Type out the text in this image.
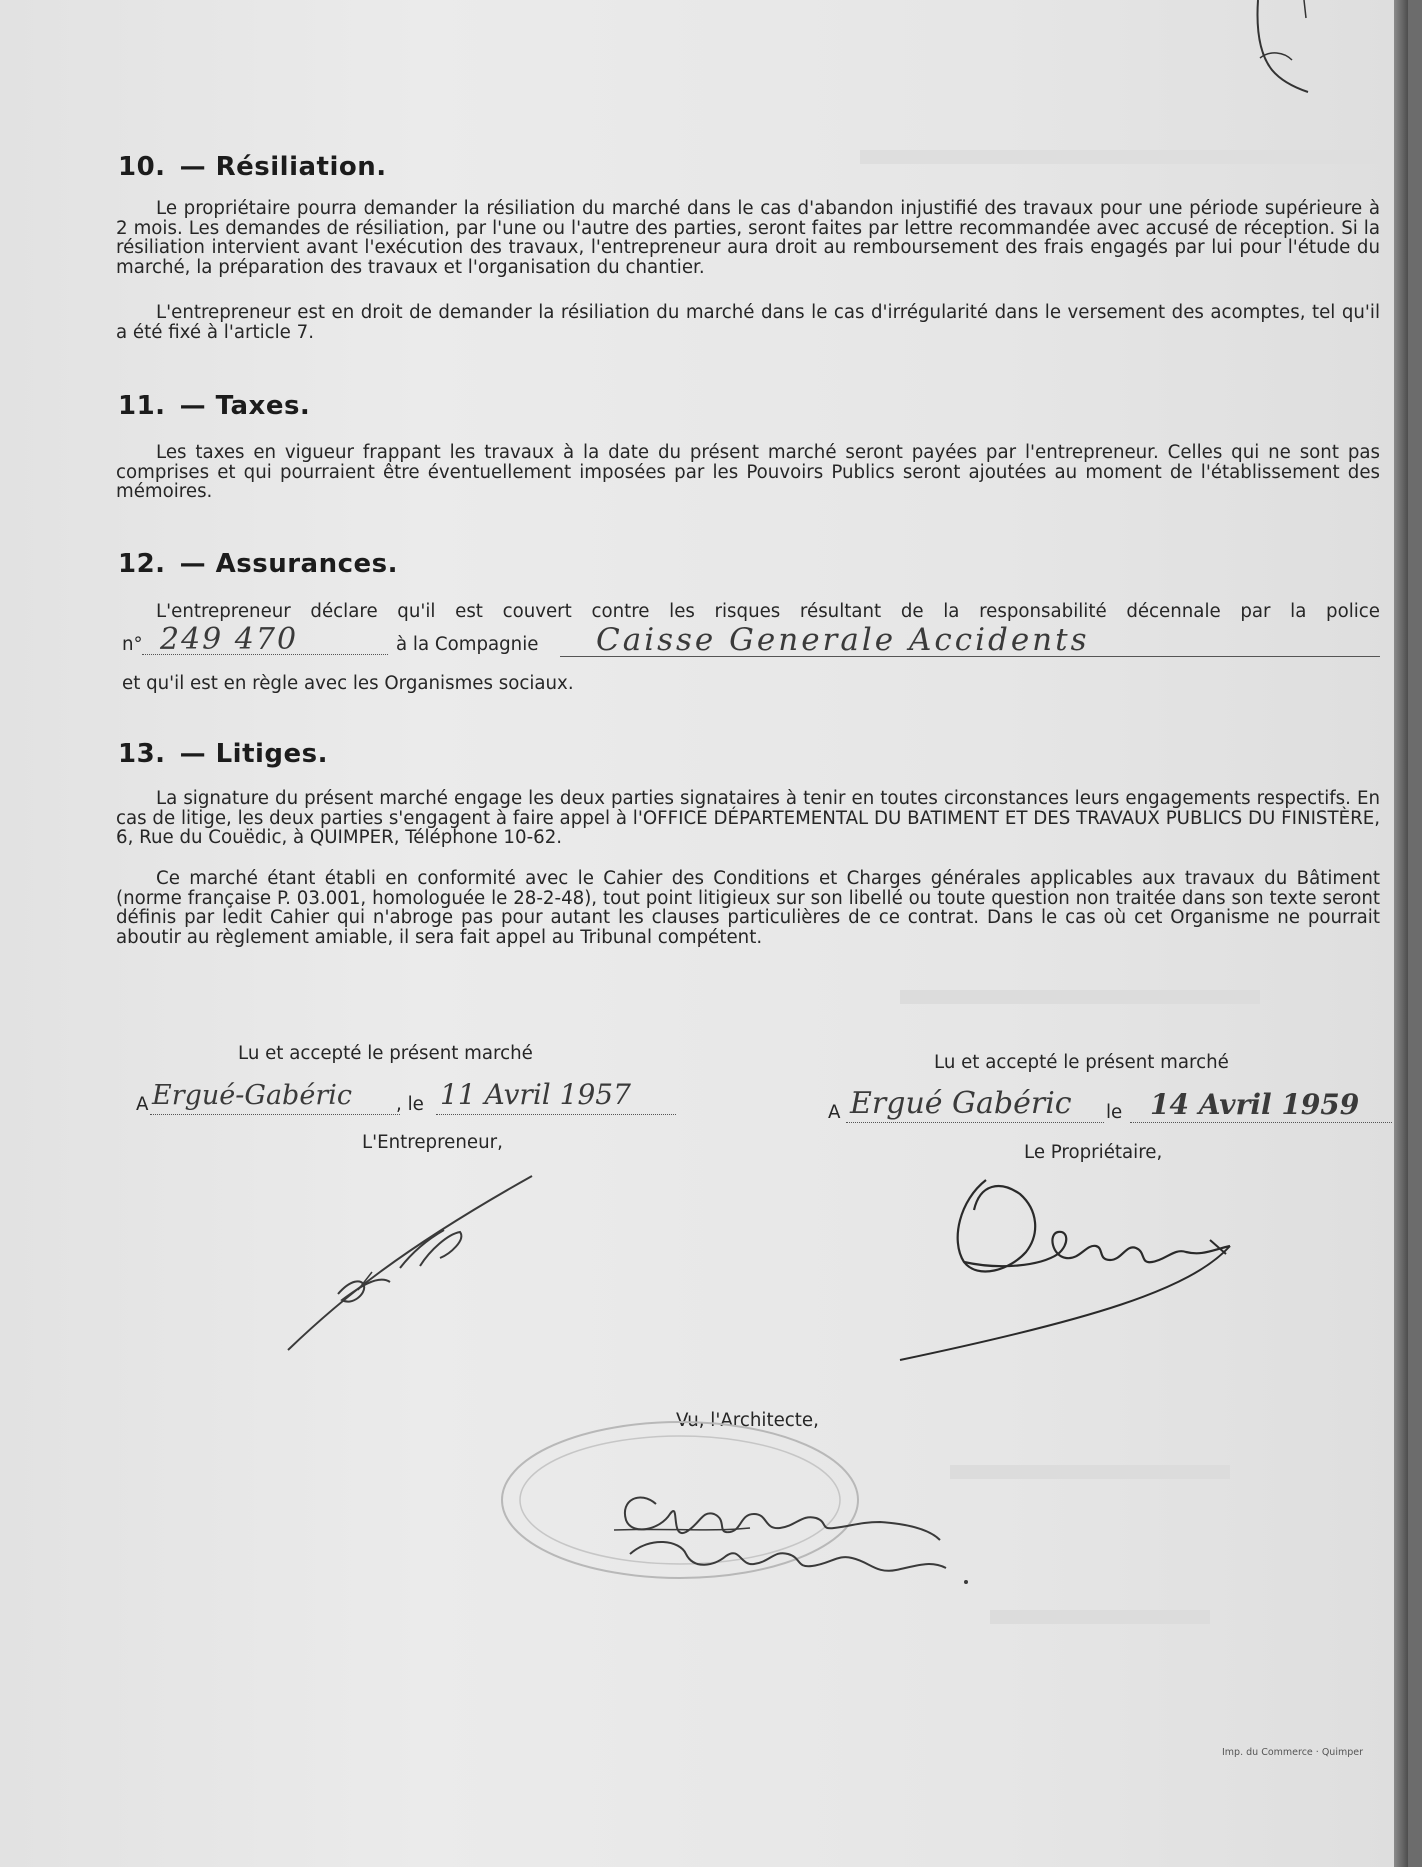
10. — Résiliation.

Le propriétaire pourra demander la résiliation du marché dans le cas d'abandon injustifié des travaux pour une période supérieure à 2 mois. Les demandes de résiliation, par l'une ou l'autre des parties, seront faites par lettre recommandée avec accusé de réception. Si la résiliation intervient avant l'exécution des travaux, l'entrepreneur aura droit au remboursement des frais engagés par lui pour l'étude du marché, la préparation des travaux et l'organisation du chantier.

L'entrepreneur est en droit de demander la résiliation du marché dans le cas d'irrégularité dans le versement des acomptes, tel qu'il a été fixé à l'article 7.

11. — Taxes.

Les taxes en vigueur frappant les travaux à la date du présent marché seront payées par l'entrepreneur. Celles qui ne sont pas comprises et qui pourraient être éventuellement imposées par les Pouvoirs Publics seront ajoutées au moment de l'établissement des mémoires.

12. — Assurances.

L'entrepreneur déclare qu'il est couvert contre les risques résultant de la responsabilité décennale par la police

n° 249 470	à la Compagnie Caisse Generale Accidents

et qu'il est en règle avec les Organismes sociaux.

13. — Litiges.

La signature du présent marché engage les deux parties signataires à tenir en toutes circonstances leurs engagements respectifs. En cas de litige, les deux parties s'engagent à faire appel à l'OFFICE DÉPARTEMENTAL DU BATIMENT ET DES TRAVAUX PUBLICS DU FINISTÈRE, 6, Rue du Couëdic, à QUIMPER, Téléphone 10-62.

Ce marché étant établi en conformité avec le Cahier des Conditions et Charges générales applicables aux travaux du Bâtiment (norme française P. 03.001, homologuée le 28-2-48), tout point litigieux sur son libellé ou toute question non traitée dans son texte seront définis par ledit Cahier qui n'abroge pas pour autant les clauses particulières de ce contrat. Dans le cas où cet Organisme ne pourrait aboutir au règlement amiable, il sera fait appel au Tribunal compétent.

Lu et accepté le présent marché
A Ergué-Gabéric , le 11 Avril 1957
L'Entrepreneur,
Lu et accepté le présent marché
A Ergué Gabéric le 14 Avril 1959
Le Propriétaire,
Vu, l'Architecte,
Imp. du Commerce · Quimper
